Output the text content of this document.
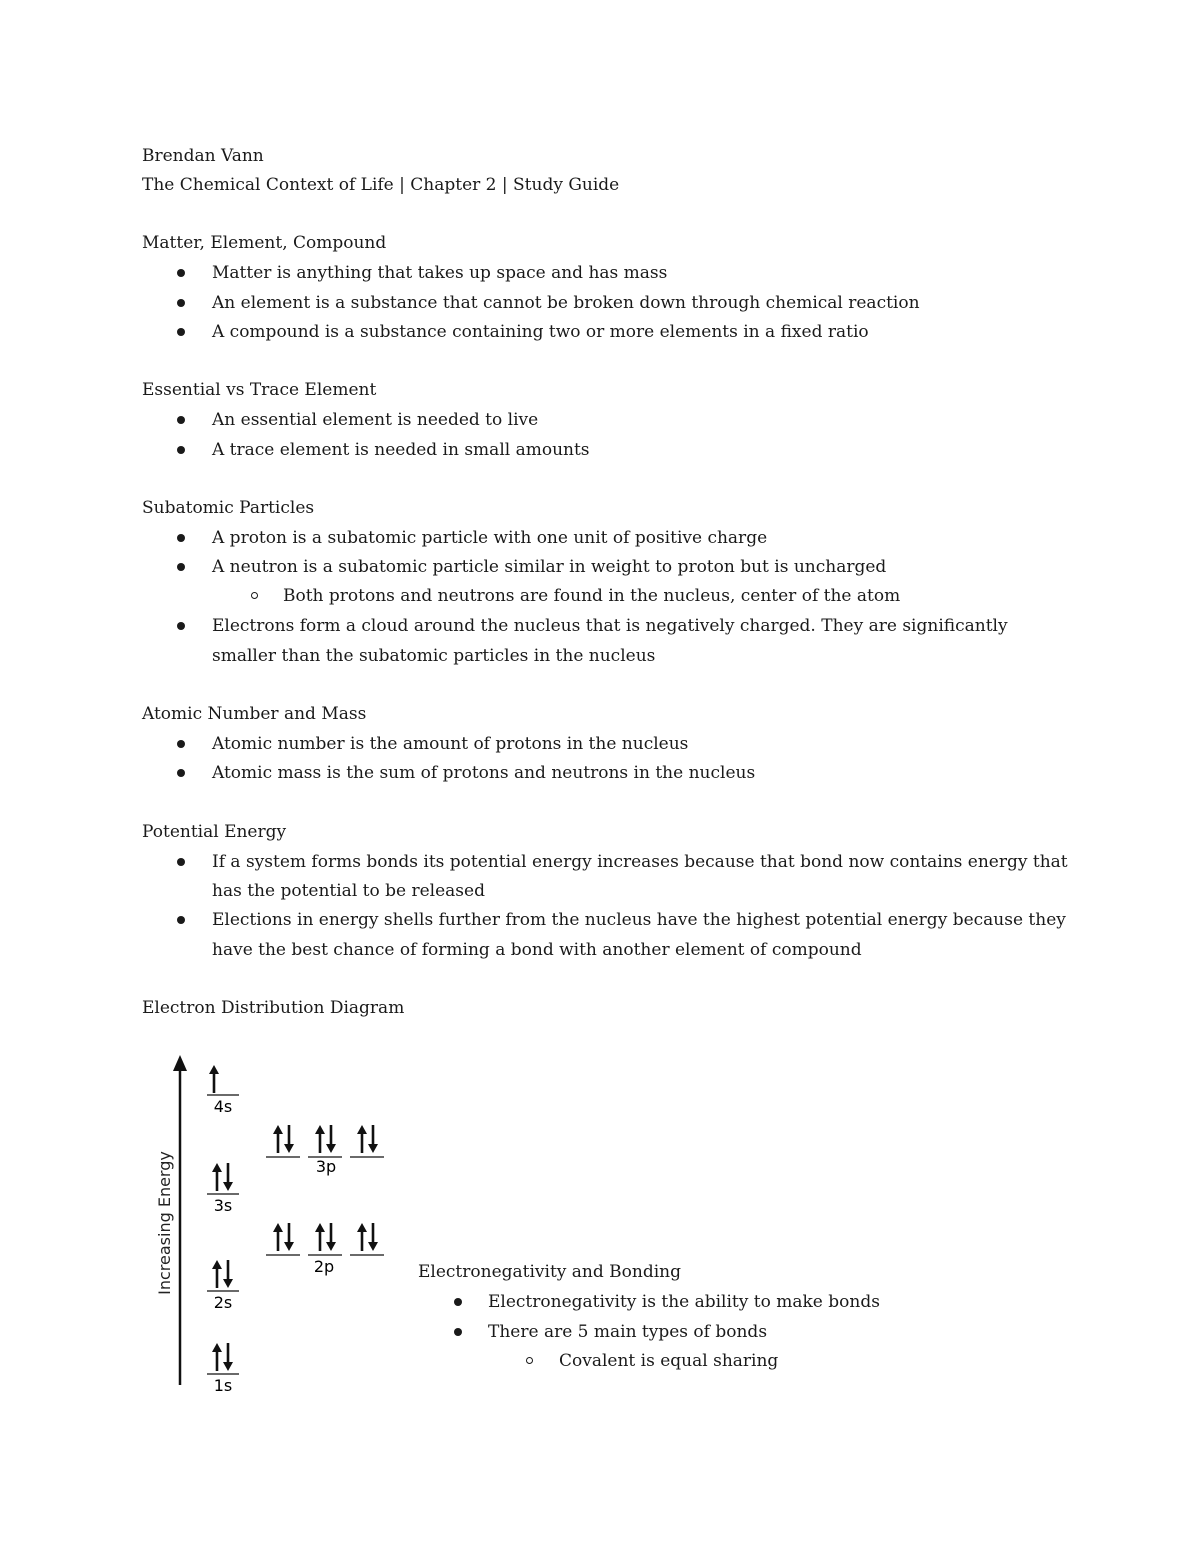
Brendan Vann
The Chemical Context of Life | Chapter 2 | Study Guide
Matter, Element, Compound
Matter is anything that takes up space and has mass
An element is a substance that cannot be broken down through chemical reaction
A compound is a substance containing two or more elements in a fixed ratio
Essential vs Trace Element
An essential element is needed to live
A trace element is needed in small amounts
Subatomic Particles
A proton is a subatomic particle with one unit of positive charge
A neutron is a subatomic particle similar in weight to proton but is uncharged
Both protons and neutrons are found in the nucleus, center of the atom
Electrons form a cloud around the nucleus that is negatively charged. They are significantly
smaller than the subatomic particles in the nucleus
Atomic Number and Mass
Atomic number is the amount of protons in the nucleus
Atomic mass is the sum of protons and neutrons in the nucleus
Potential Energy
If a system forms bonds its potential energy increases because that bond now contains energy that
has the potential to be released
Elections in energy shells further from the nucleus have the highest potential energy because they
have the best chance of forming a bond with another element of compound
Electron Distribution Diagram
Increasing Energy
4s
3p
3s
2p
2s
1s
Electronegativity and Bonding
Electronegativity is the ability to make bonds
There are 5 main types of bonds
Covalent is equal sharing
